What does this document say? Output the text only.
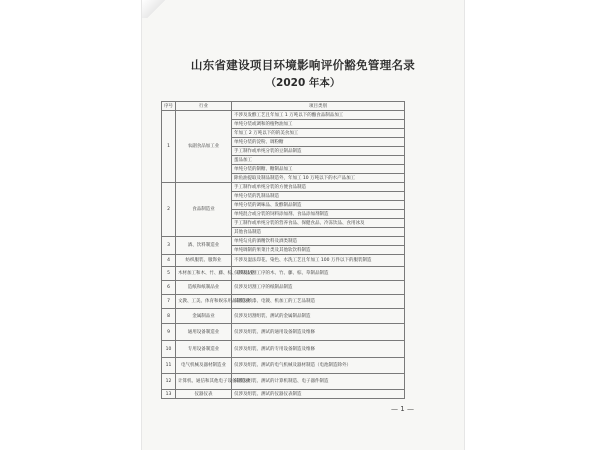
山东省建设项目环境影响评价豁免管理名录
（2020 年本）
序号	行业	项目类别
1	农副食品加工业	不涉及发酵工艺且年加工 1 万吨以下的酿食品制品加工
		单纯分装或调和的植物油加工
		年加工 2 万吨以下的的美食加工
		单纯分装的淀粉、调粉糖
		手工制作或单纯分装的豆制品制造
		蛋品加工
		单纯分装的制糖、糖制品加工
		除鱼油提取及制品制造外，年加工 10 万吨以下的水产品加工
2	食品制造业	手工制作或单纯分装的方便食品制造
		单纯分装的乳制品制造
		单纯分装的调味品、发酵制品制造
		单纯混合或分装的饲料添加剂、食品添加剂制造
		手工制作或单纯分装的营养食品、保健食品、冷冻饮品、食用冰及
		其他食品制造
3	酒、饮料制造业	单纯勾兑的酒精饮料及酒类制造
		单纯调制的果菜汁类及其他软饮料制造
4	纺织服装、服饰业	不涉及湿法印花、染色、水洗工艺且年加工 100 万件以下的服装制造
5	木材加工和木、竹、藤、棕、草制品业	仅涉及切割工序的木、竹、藤、棕、草制品制造
6	造纸和纸制品业	仅涉及切割工序的纸制品制造
7	文教、工美、体育和娱乐用品制造业	仅涉及喷漆、电镀、机加工的工艺品制造
8	金属制品业	仅涉及切割组装、测试的金属制品制造
9	通用设备制造业	仅涉及组装、测试的通用设备制造及维修
10	专用设备制造业	仅涉及组装、测试的专用设备制造及维修
11	电气机械及器材制造业	仅涉及组装、测试的电气机械及器材制造（电池制造除外）
12	计算机、通信和其他电子设备制造业	仅涉及组装、测试的计算机制造、电子器件制造
13	仪器仪表	仅涉及组装、测试的仪器仪表制造
— 1 —
